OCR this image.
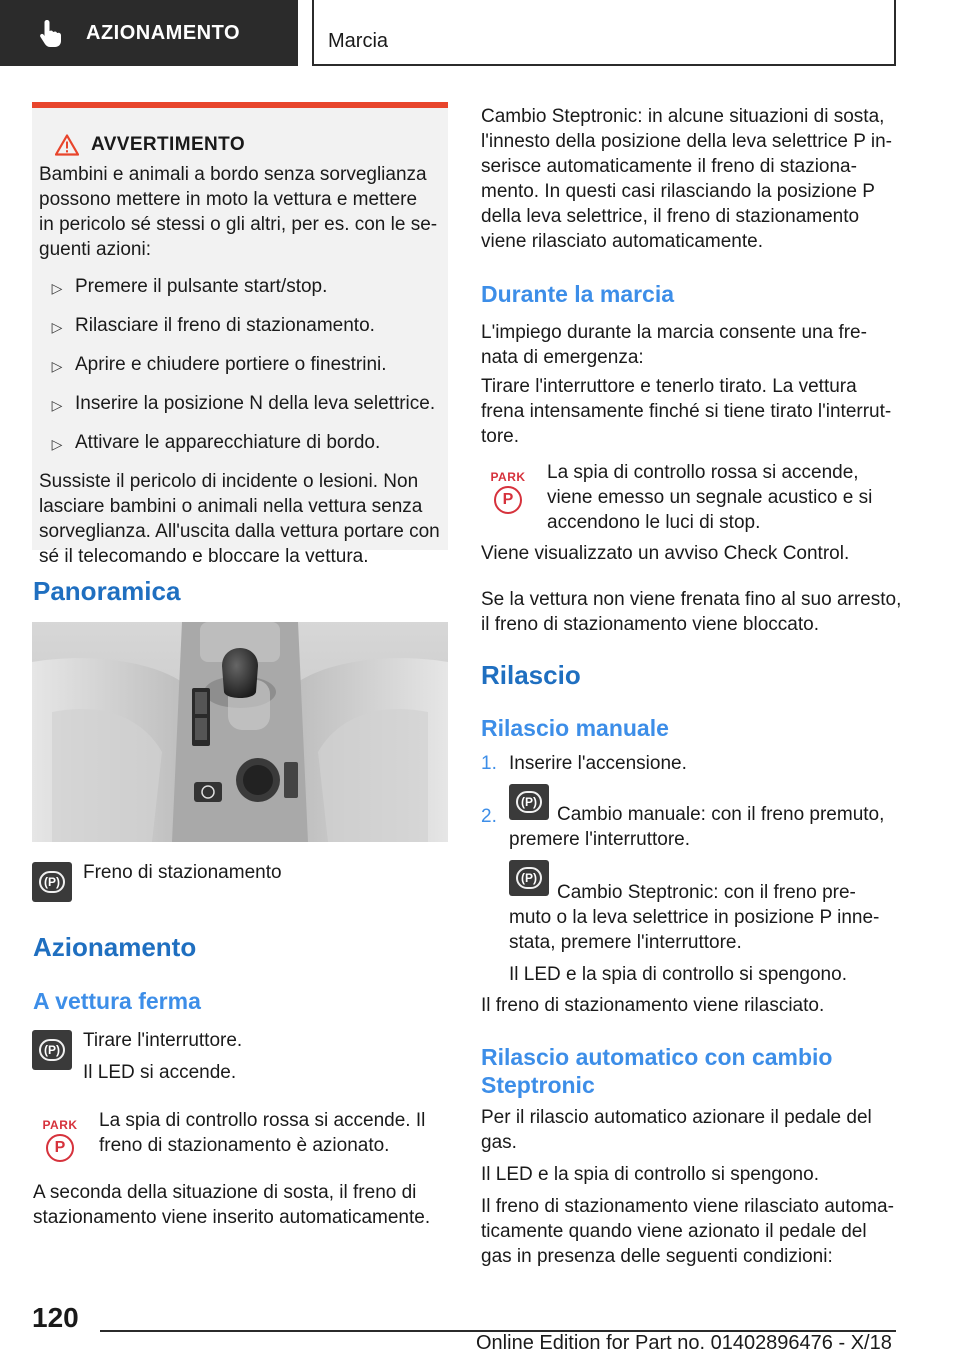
AZIONAMENTO	Marcia
AVVERTIMENTO
Bambini e animali a bordo senza sorveglianza
possono mettere in moto la vettura e mettere
in pericolo sé stessi o gli altri, per es. con le se-
guenti azioni:
▷ Premere il pulsante start/stop.
▷ Rilasciare il freno di stazionamento.
▷ Aprire e chiudere portiere o finestrini.
▷ Inserire la posizione N della leva selettrice.
▷ Attivare le apparecchiature di bordo.
Sussiste il pericolo di incidente o lesioni. Non
lasciare bambini o animali nella vettura senza
sorveglianza. All'uscita dalla vettura portare con
sé il telecomando e bloccare la vettura.
Panoramica
(P) Freno di stazionamento
Azionamento
A vettura ferma
(P) Tirare l'interruttore.
Il LED si accende.
PARK
P
La spia di controllo rossa si accende. Il
freno di stazionamento è azionato.
A seconda della situazione di sosta, il freno di
stazionamento viene inserito automaticamente.
Cambio Steptronic: in alcune situazioni di sosta,
l'innesto della posizione della leva selettrice P in-
serisce automaticamente il freno di staziona-
mento. In questi casi rilasciando la posizione P
della leva selettrice, il freno di stazionamento
viene rilasciato automaticamente.
Durante la marcia
L'impiego durante la marcia consente una fre-
nata di emergenza:
Tirare l'interruttore e tenerlo tirato. La vettura
frena intensamente finché si tiene tirato l'interrut-
tore.
PARK
P
La spia di controllo rossa si accende,
viene emesso un segnale acustico e si
accendono le luci di stop.
Viene visualizzato un avviso Check Control.
Se la vettura non viene frenata fino al suo arresto,
il freno di stazionamento viene bloccato.
Rilascio
Rilascio manuale
1. Inserire l'accensione.
2.
(P)
Cambio manuale: con il freno premuto,
premere l'interruttore.
(P)
Cambio Steptronic: con il freno pre-
muto o la leva selettrice in posizione P inne-
stata, premere l'interruttore.
Il LED e la spia di controllo si spengono.
Il freno di stazionamento viene rilasciato.
Rilascio automatico con cambio
Steptronic
Per il rilascio automatico azionare il pedale del
gas.
Il LED e la spia di controllo si spengono.
Il freno di stazionamento viene rilasciato automa-
ticamente quando viene azionato il pedale del
gas in presenza delle seguenti condizioni:
120
Online Edition for Part no. 01402896476 - X/18
